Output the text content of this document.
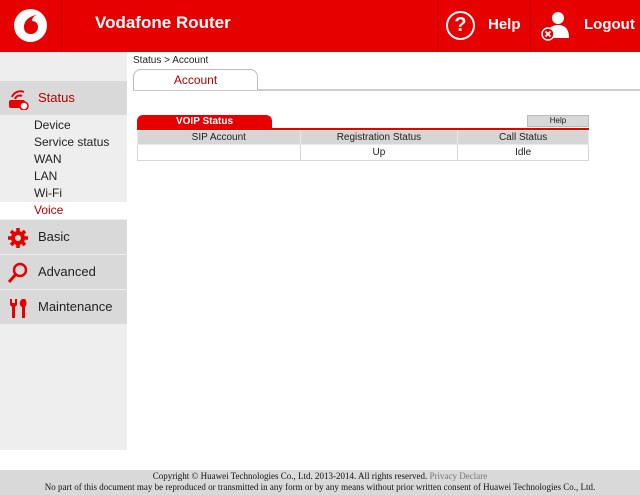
Vodafone Router	?	Help	Logout
Status
Device
Service status
WAN
LAN
Wi-Fi
Voice
Basic
Advanced
Maintenance
Status > Account
Account
VOIP Status	Help
SIP Account	Registration Status	Call Status
	Up	Idle
Copyright © Huawei Technologies Co., Ltd. 2013-2014. All rights reserved. Privacy Declare
No part of this document may be reproduced or transmitted in any form or by any means without prior written consent of Huawei Technologies Co., Ltd.
